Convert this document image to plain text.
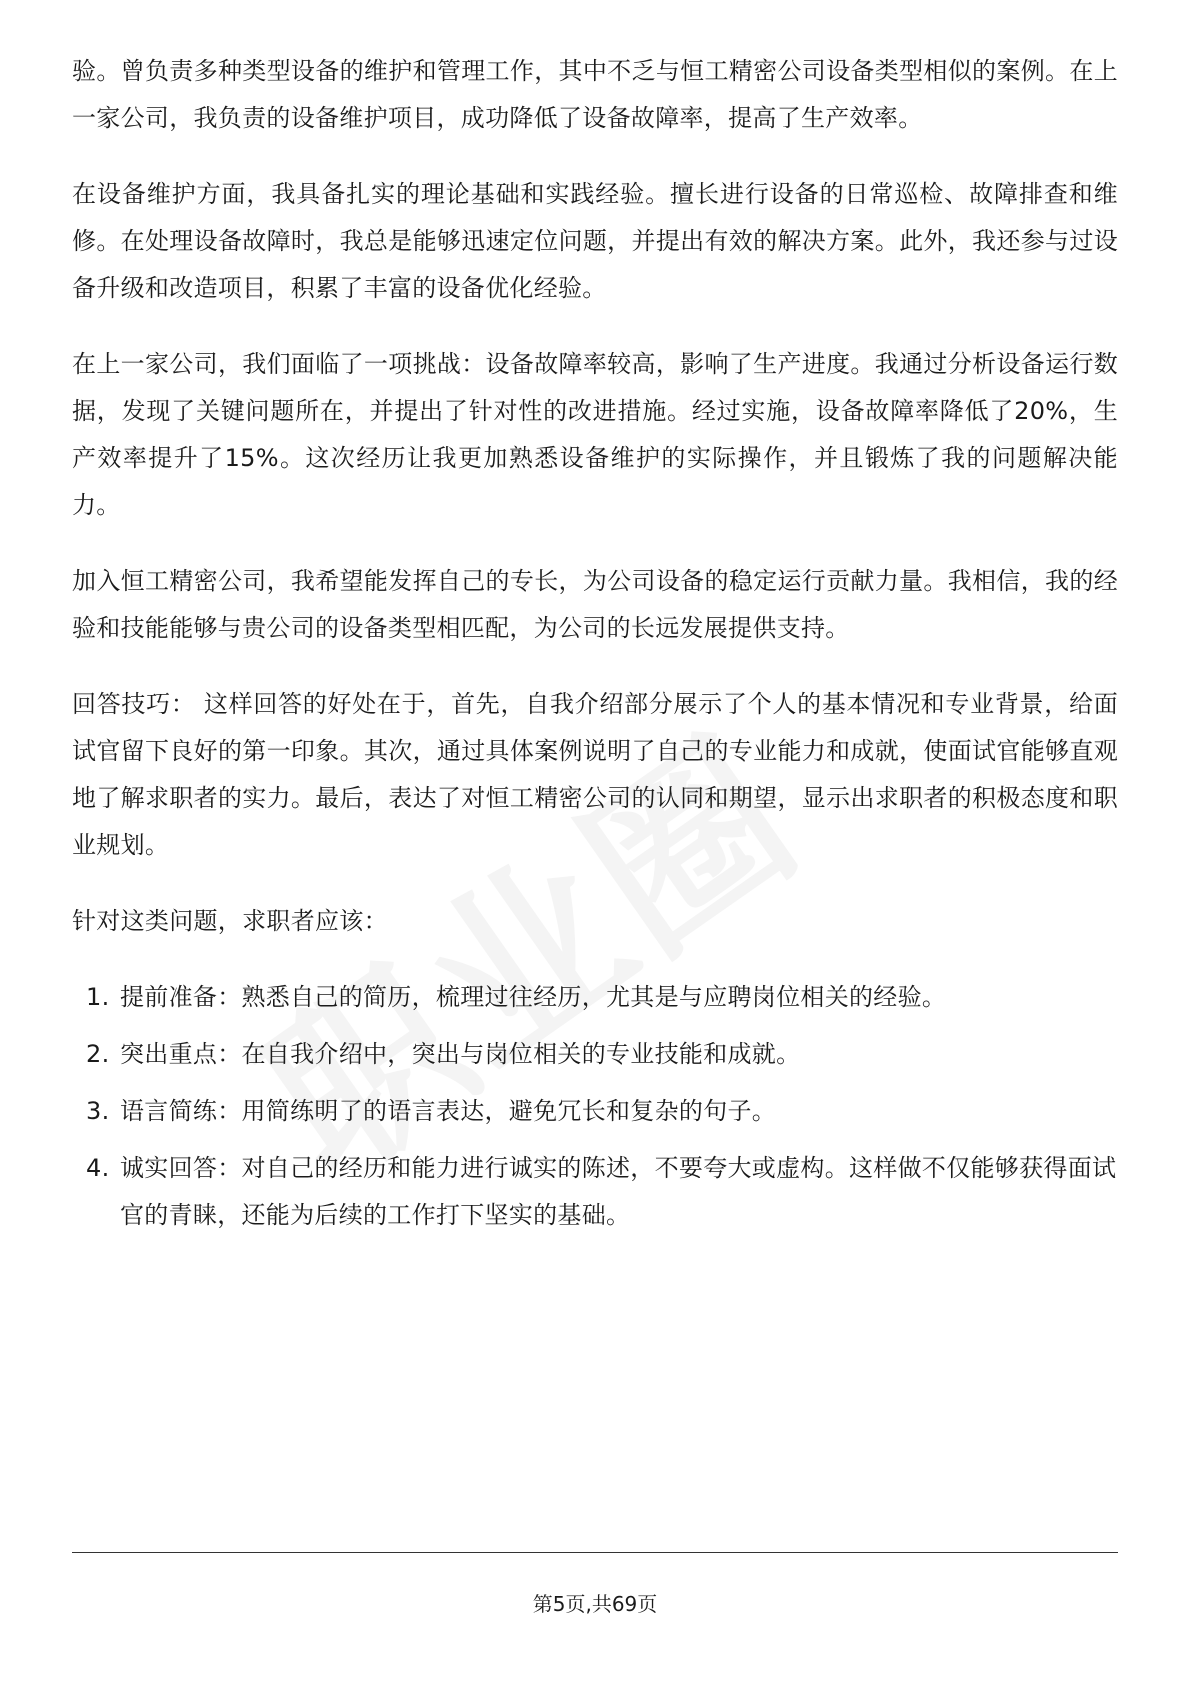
验。曾负责多种类型设备的维护和管理工作，其中不乏与恒工精密公司设备类型相似的案例。在上一家公司，我负责的设备维护项目，成功降低了设备故障率，提高了生产效率。

在设备维护方面，我具备扎实的理论基础和实践经验。擅长进行设备的日常巡检、故障排查和维修。在处理设备故障时，我总是能够迅速定位问题，并提出有效的解决方案。此外，我还参与过设备升级和改造项目，积累了丰富的设备优化经验。

在上一家公司，我们面临了一项挑战：设备故障率较高，影响了生产进度。我通过分析设备运行数据，发现了关键问题所在，并提出了针对性的改进措施。经过实施，设备故障率降低了20%，生产效率提升了15%。这次经历让我更加熟悉设备维护的实际操作，并且锻炼了我的问题解决能力。

加入恒工精密公司，我希望能发挥自己的专长，为公司设备的稳定运行贡献力量。我相信，我的经验和技能能够与贵公司的设备类型相匹配，为公司的长远发展提供支持。

回答技巧： 这样回答的好处在于，首先，自我介绍部分展示了个人的基本情况和专业背景，给面试官留下良好的第一印象。其次，通过具体案例说明了自己的专业能力和成就，使面试官能够直观地了解求职者的实力。最后，表达了对恒工精密公司的认同和期望，显示出求职者的积极态度和职业规划。

针对这类问题，求职者应该：

1. 提前准备：熟悉自己的简历，梳理过往经历，尤其是与应聘岗位相关的经验。
2. 突出重点：在自我介绍中，突出与岗位相关的专业技能和成就。
3. 语言简练：用简练明了的语言表达，避免冗长和复杂的句子。
4. 诚实回答：对自己的经历和能力进行诚实的陈述，不要夸大或虚构。这样做不仅能够获得面试官的青睐，还能为后续的工作打下坚实的基础。
第5页,共69页
